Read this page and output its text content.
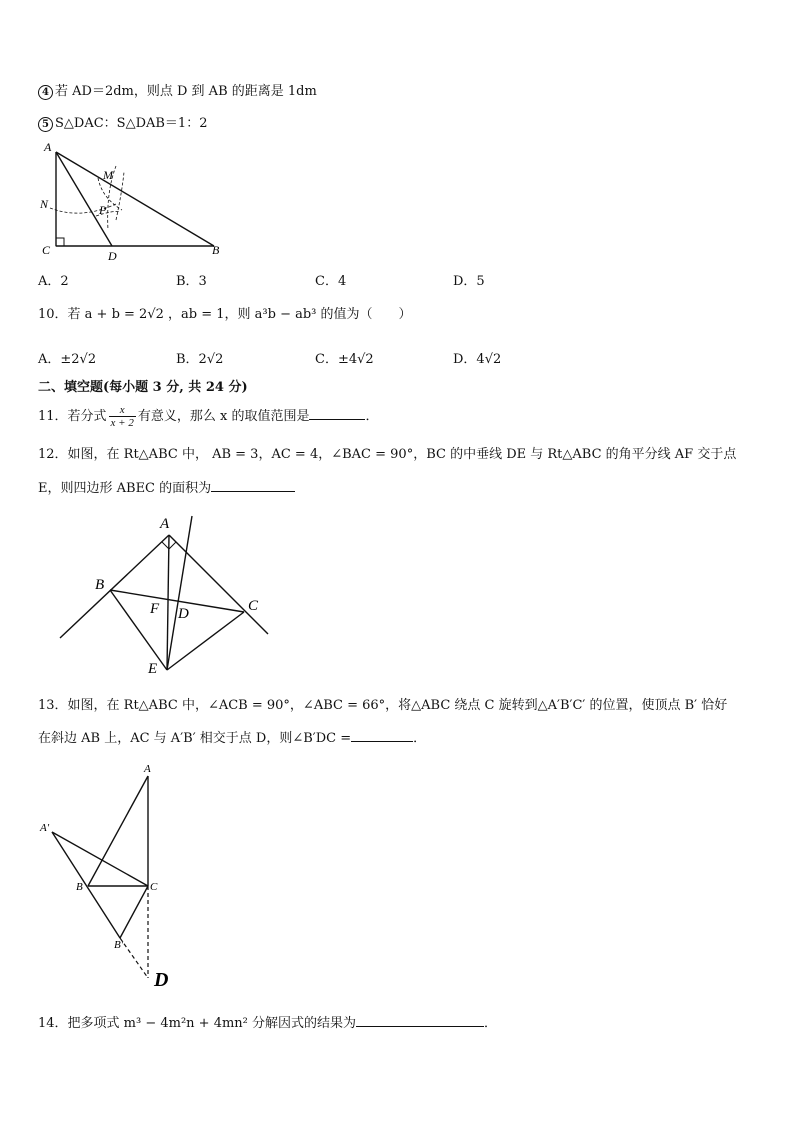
4 若 AD＝2dm，则点 D 到 AB 的距离是 1dm
5 S△DAC：S△DAB＝1：2
A
M
N	P
C	D	B
A．2	B．3	C．4	D．5
10．若 a + b = 2√2 ，ab = 1，则 a³b − ab³ 的值为（　　）
A．±2√2	B．2√2	C．±4√2	D．4√2
二、填空题(每小题 3 分, 共 24 分)
11．若分式 $\frac{x}{x + 2}$ 有意义，那么 x 的取值范围是	．
12．如图，在 Rt△ABC 中， AB = 3，AC = 4，∠BAC = 90°，BC 的中垂线 DE 与 Rt△ABC 的角平分线 AF 交于点
E，则四边形 ABEC 的面积为
A
B
C
F D
E
13．如图，在 Rt△ABC 中，∠ACB = 90°，∠ABC = 66°，将△ABC 绕点 C 旋转到△A′B′C′ 的位置，使顶点 B′ 恰好
在斜边 AB 上，AC 与 A′B′ 相交于点 D，则∠B′DC =	．
A
A′
B	C
B′
D
14．把多项式 m³ − 4m²n + 4mn² 分解因式的结果为	．
